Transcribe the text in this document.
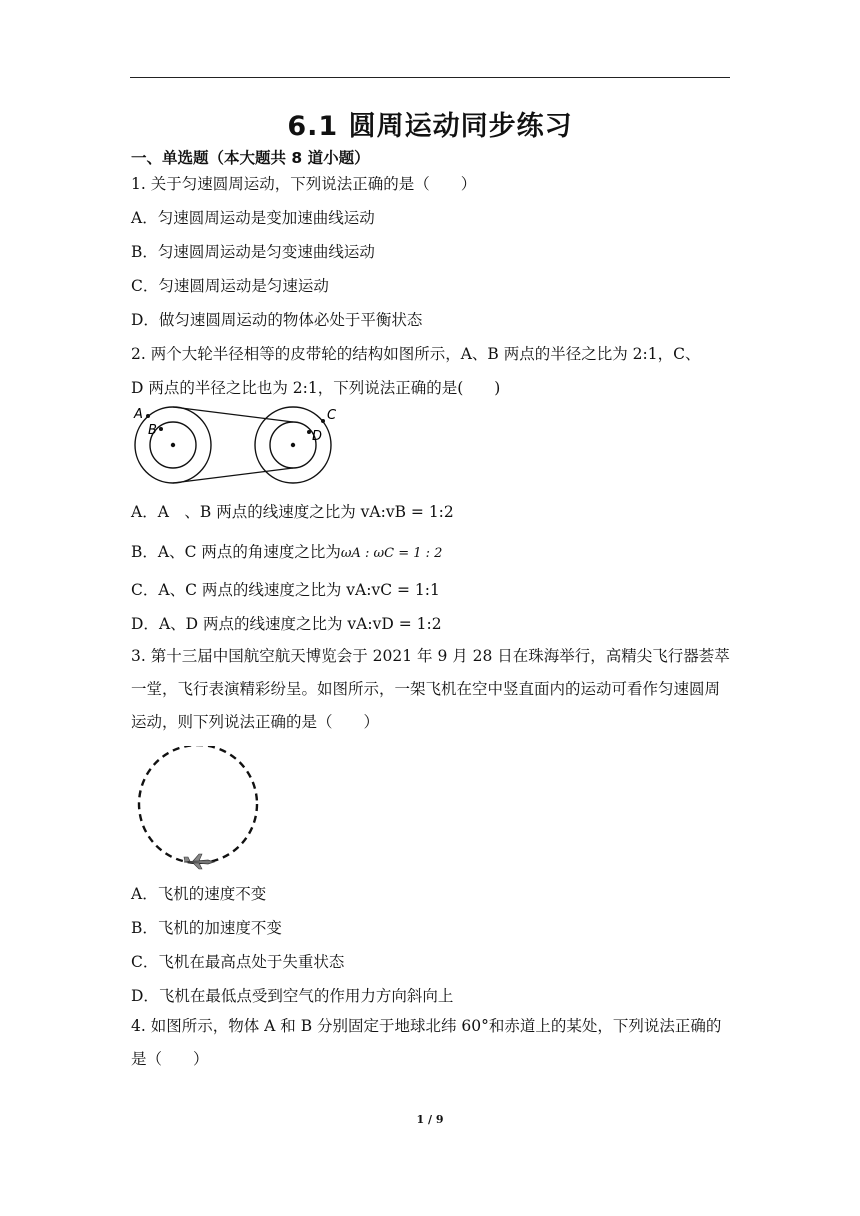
6.1 圆周运动同步练习
一、单选题（本大题共 8 道小题）
1. 关于匀速圆周运动，下列说法正确的是（　　）
A．匀速圆周运动是变加速曲线运动
B．匀速圆周运动是匀变速曲线运动
C．匀速圆周运动是匀速运动
D．做匀速圆周运动的物体必处于平衡状态
2. 两个大轮半径相等的皮带轮的结构如图所示，A、B 两点的半径之比为 2:1，C、
D 两点的半径之比也为 2:1，下列说法正确的是(　　)
A
B
C
D
A．A　、B 两点的线速度之比为 vA:vB = 1:2
B．A、C 两点的角速度之比为ωA : ωC = 1 : 2
C．A、C 两点的线速度之比为 vA:vC = 1:1
D．A、D 两点的线速度之比为 vA:vD = 1:2
3. 第十三届中国航空航天博览会于 2021 年 9 月 28 日在珠海举行，高精尖飞行器荟萃一堂，飞行表演精彩纷呈。如图所示，一架飞机在空中竖直面内的运动可看作匀速圆周运动，则下列说法正确的是（　　）
A．飞机的速度不变
B．飞机的加速度不变
C．飞机在最高点处于失重状态
D．飞机在最低点受到空气的作用力方向斜向上
4. 如图所示，物体 A 和 B 分别固定于地球北纬 60°和赤道上的某处，下列说法正确的是（　　）
1 / 9
